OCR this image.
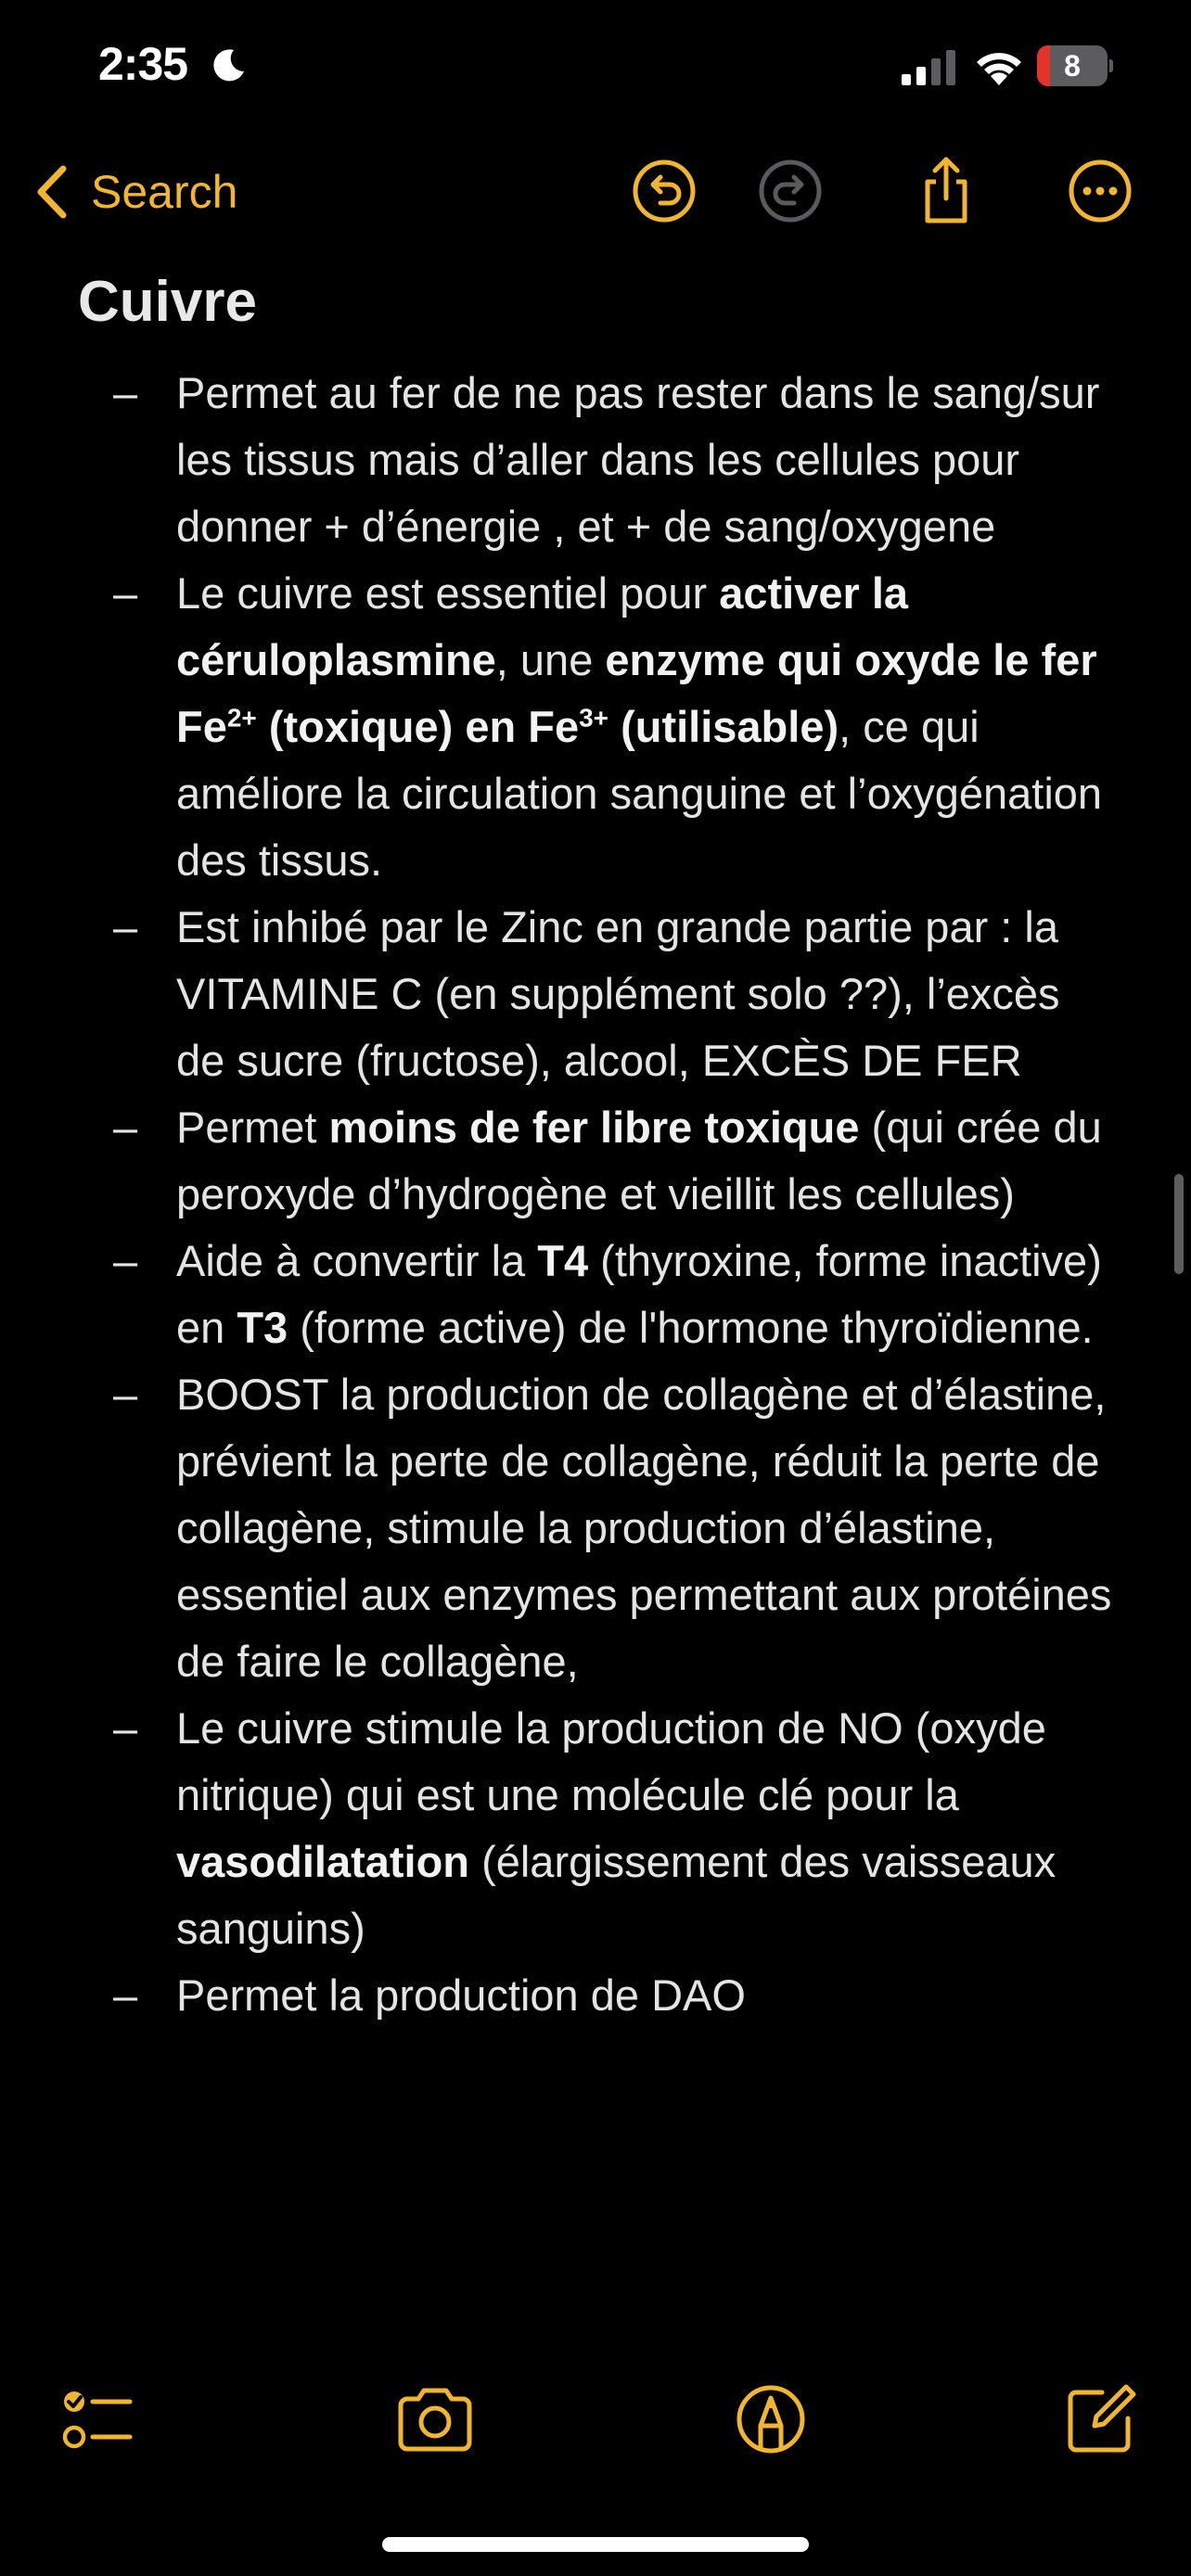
2:35	8
Search
Cuivre
– Permet au fer de ne pas rester dans le sang/sur les tissus mais d’aller dans les cellules pour donner + d’énergie , et + de sang/oxygene
– Le cuivre est essentiel pour activer la céruloplasmine, une enzyme qui oxyde le fer $Fe^{2+}$ (toxique) en $Fe^{3+}$ (utilisable), ce qui améliore la circulation sanguine et l’oxygénation des tissus.
– Est inhibé par le Zinc en grande partie par : la VITAMINE C (en supplément solo ??), l’excès de sucre (fructose), alcool, EXCÈS DE FER
– Permet moins de fer libre toxique (qui crée du peroxyde d’hydrogène et vieillit les cellules)
– Aide à convertir la T4 (thyroxine, forme inactive) en T3 (forme active) de l'hormone thyroïdienne.
– BOOST la production de collagène et d’élastine, prévient la perte de collagène, réduit la perte de collagène, stimule la production d’élastine, essentiel aux enzymes permettant aux protéines de faire le collagène,
– Le cuivre stimule la production de NO (oxyde nitrique) qui est une molécule clé pour la vasodilatation (élargissement des vaisseaux sanguins)
– Permet la production de DAO
